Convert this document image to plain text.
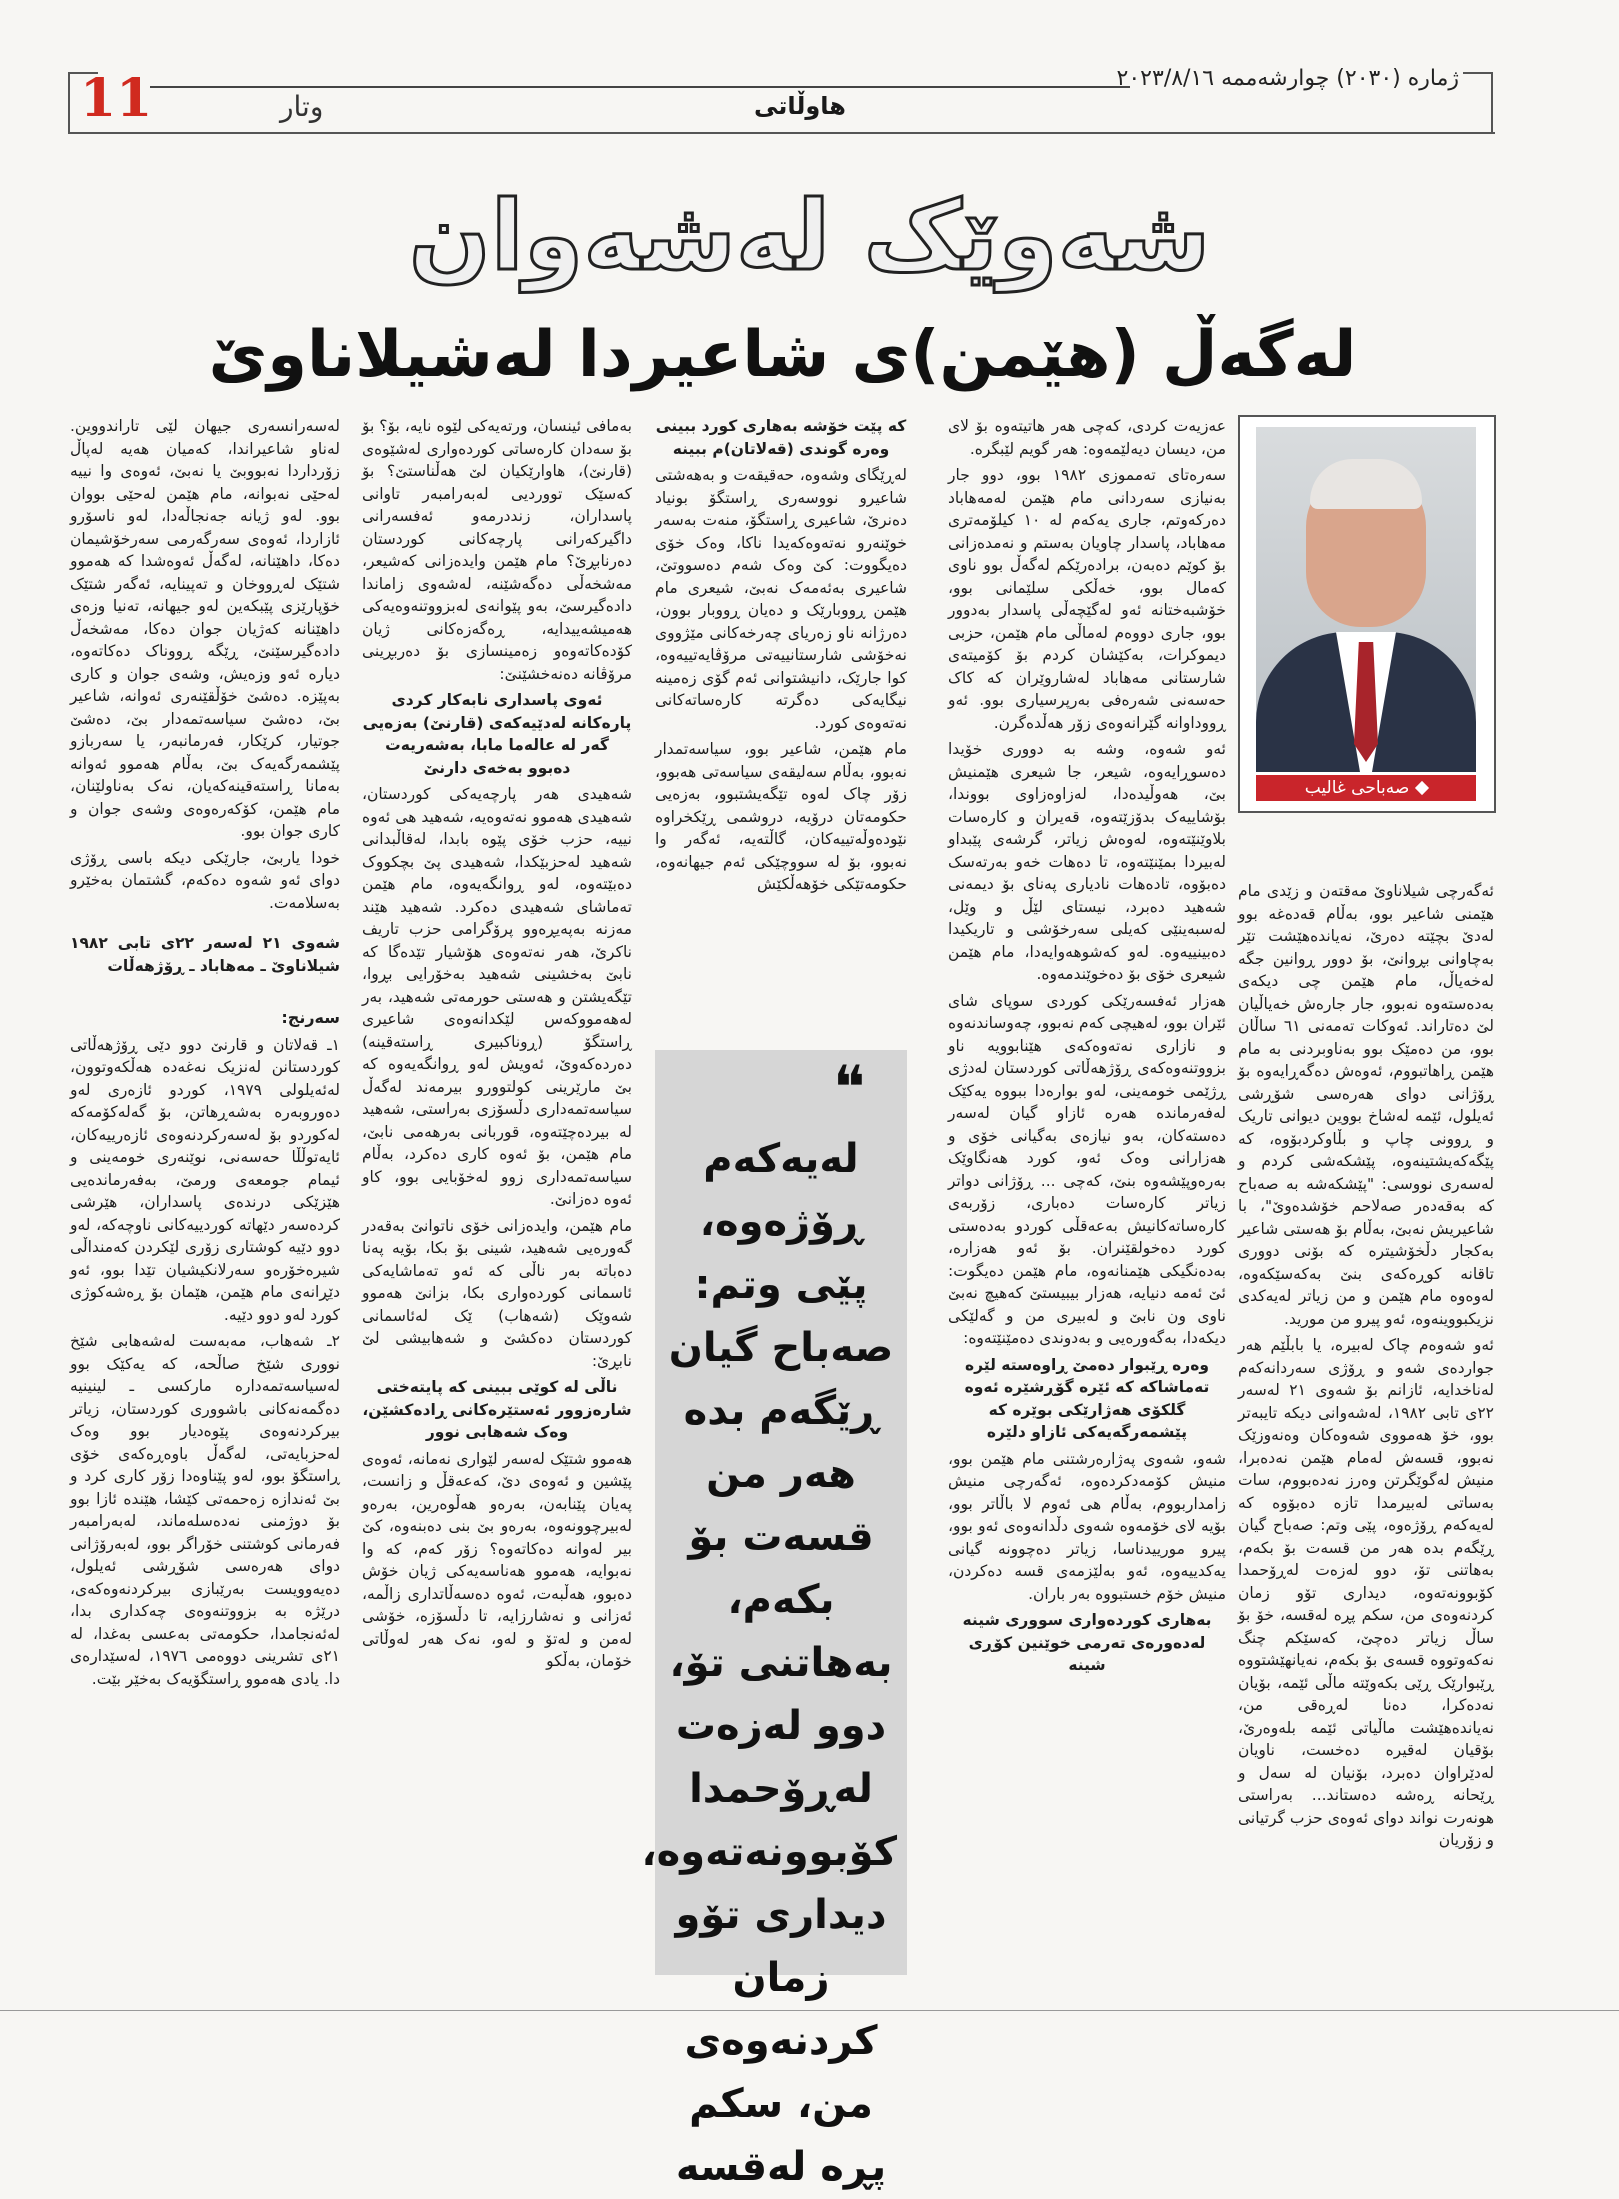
11	وتار	هاوڵاتی
ژمارە (٢٠٣٠) چوارشەممە ٢٠٢٣/٨/١٦
شەوێک لەشەوان
لەگەڵ (هێمن)ی شاعیردا لەشیلاناوێ
صەباحی غالیب

عەزیەت کردی، کەچی هەر هاتیتەوە بۆ لای من، دیسان دیەلێمەوە: هەر گویم لێبگرە.

سەرەتای تەمموزی ١٩٨٢ بوو، دوو جار بەنیازی سەردانی مام هێمن لەمەهاباد دەرکەوتم، جاری یەکەم لە ١٠ کیلۆمەتری مەهاباد، پاسدار چاویان بەستم و نەمدەزانی بۆ کوێم دەبەن، برادەرێکم لەگەڵ بوو ناوی کەمال بوو، خەڵکی سلێمانی بوو، خۆشبەختانە ئەو لەگێچەڵی پاسدار بەدوور بوو، جاری دووەم لەماڵی مام هێمن، حزبی دیموکرات، بەکێشان کردم بۆ کۆمیتەی شارستانی مەهاباد لەشاروێران کە کاک حەسەنی شەرەفی بەرپرسیاری بوو. ئەو ڕووداوانە گێرانەوەی زۆر هەڵدەگرن.

ئەو شەوە، وشە بە دووری خۆیدا دەسوڕایەوە، شیعر، جا شیعری هێمنیش بێ، هەوڵیدەدا، لەزاوەزاوی بووندا، بۆشاییەک بدۆزێتەوە، قەیران و کارەسات بلاوێنێتەوە، لەوەش زیاتر، گرشەی پێبداو لەبیردا بمێنێتەوە، تا دەهات خەو بەرتەسک دەبۆوە، تادەهات نادیاری پەنای بۆ دیمەنی شەهید دەبرد، نیستای لێڵ و وێل، لەسبەینێی کەیلی سەرخۆشی و تاریکیدا دەبینییەوە. لەو کەشوهەوایەدا، مام هێمن شیعری خۆی بۆ دەخوێندمەوە.

هەزار ئەفسەرێکی کوردی سوپای شای ئێران بوو، لەهیچی کەم نەبوو، چەوساندنەوە و نازاری نەتەوەکەی هێنابوویە ناو بزووتنەوەکەی ڕۆژهەڵاتی کوردستان لەدژی ڕژێمی خومەینی، لەو بوارەدا ببووە یەکێک لەفەرماندە هەرە ئازاو گیان لەسەر دەستەکان، بەو نیازەی بەگیانی خۆی و هەزارانی وەک ئەو، کورد هەنگاوێک بەرەوپێشەوە بنێ، کەچی ... ڕۆژانی دواتر زیاتر کارەسات دەباری، زۆربەی کارەساتەکانیش بەعەقڵی کوردو بەدەستی کورد دەخولقێنران. بۆ ئەو هەزارە، بەدەنگیکی هێمنانەوە، مام هێمن دەیگوت: ئێ ئەمە دنیایە، هەزار بیبیستێ کەهیچ نەبێ ناوی ون نابێ و لەبیری من و گەلێکی دیکەدا، بەگەورەیی و بەدوندی دەمێنێتەوە:

وەرە ڕێبوار دەمێ ڕاوەستە لێرە تەماشاکە کە ئێرە گۆڕشێرە ئەوە گلکۆی هەژارێکی بوێرە کە پێشمەرگەیەکی ئازاو دلێرە

شەو، شەوی پەژارەرشتنی مام هێمن بوو، منیش کۆمەدکردەوە، ئەگەرچی منیش زامداربووم، بەڵام هی ئەوم لا باڵاتر بوو، بۆیە لای خۆمەوە شەوی دڵدانەوەی ئەو بوو، پیرو مورییدناسا، زیاتر دەچوونە گیانی یەکدییەوە، ئەو بەلێزمەی قسە دەکردن، منیش خۆم خستبووە بەر باران.

بەهاری کوردەواری سووری شینە لەدەورەی تەرمی خوێنین کۆڕی شینە

ئەگەرچی شیلاناوێ مەقتەن و زێدی مام هێمنی شاعیر بوو، بەڵام قەدەغە بوو لەدێ بچێتە دەرێ، نەیاندەهێشت تێر بەچاوانی بڕوانێ، بۆ دوور ڕوانین جگە لەخەیاڵ، مام هێمن چی دیکەی بەدەستەوە نەبوو، جار جارەش خەیاڵیان لێ دەتاراند. ئەوکات تەمەنی ٦١ ساڵان بوو، من دەمێک بوو بەناوبردنی بە مام هێمن ڕاهاتبووم، ئەوەش دەگەڕایەوە بۆ ڕۆژانی دوای هەرەسی شۆڕشی ئەیلول، ئێمە لەشاخ بووین دیوانی تاریک و ڕوونی چاپ و بڵاوکردبۆوە، کە پێگەکەیشتینەوە، پێشکەشی کردم و لەسەری نووسی: "پێشکەشە بە صەباح کە بەقەدەر صەلاحم خۆشدەوێ"، با شاعیریش نەبێ، بەڵام بۆ هەستی شاعیر بەکجار دڵخۆشیترە کە بۆنی دووری تاقانە کوڕەکەی بنێ بەکەسێکەوە، لەوەوە مام هێمن و من زیاتر لەیەکدی نزیکبووینەوە، ئەو پیرو من مورید.

ئەو شەوەم چاک لەبیرە، یا بابڵێم هەر جوارده‌ی شەو و ڕۆژی سەردانەکەم لەناخدایە، ئازانم بۆ شەوی ٢١ لەسەر ٢٢ی تابی ١٩٨٢، لەشەوانی دیکە تایبەتر بوو، خۆ هەمووی شەوەکان وەنەوزێک نەبوو، قسەش لەمام هێمن نەدەبرا، منیش لەگوێگرتن وەرز نەدەبووم، سات بەساتی لەبیرمدا تازە دەبۆوە کە لەیەکەم ڕۆژەوە، پێی وتم: صەباح گیان ڕێگەم بدە هەر من قسەت بۆ بکەم، بەهاتنی تۆ، دوو لەزەت لەڕۆحمدا کۆبوونەتەوە، دیداری تۆو زمان کردنەوەی من، سکم پڕە لەقسە، خۆ بۆ ساڵ زیاتر دەچێ، کەسێکم چنگ نەکەوتووە قسەی بۆ بکەم، نەیانهێشتووە ڕێبوارێک ڕێی بکەوێتە ماڵی ئێمە، بۆیان نەدەکرا، دەنا لەڕەقی من، نەیاندەهێشت ماڵیاتی ئێمە بلەوەرێ، بۆقیان لەقیرە دەخست، ناویان لەدێراوان دەبرد، بۆنیان لە سەل و ڕێحانە ڕەشە دەستاند... بەراستی هونەرت نواند دوای ئەوەی حزب گرتیانی و زۆریان

کە پێت خۆشە بەهاری کورد ببینی وەرە گوندی (قەلاتان)م ببینە

لەڕێگای وشەوە، حەقیقەت و بەهەشتی شاعیرو نووسەری ڕاستگۆ بونیاد دەنرێ، شاعیری ڕاستگۆ، منەت بەسەر خوێنەرو نەتەوەکەیدا ناکا، وەک خۆی دەیگووت: کێ وەک شەم دەسووتێ، شاعیری بەئەمەک نەبێ، شیعری مام هێمن ڕووبارێک و دەیان ڕووبار بوون، دەرژانە ناو زەریای چەرخەکانی مێژووی نەخۆشی شارستانییەتی مرۆڤایەتییەوە، کوا جارێک، دانیشتوانی ئەم گۆی زەمینە نیگایەکی دەگرتە کارەساتەکانی نەتەوەی کورد.

مام هێمن، شاعیر بوو، سیاسەتمدار نەبوو، بەڵام سەلیقەی سیاسەتی هەبوو، زۆر چاک لەوە تێگەیشتبوو، بەزەیی حکومەتان درۆیە، دروشمی ڕێکخراوە نێودەوڵەتییەکان، گاڵتەیە، ئەگەر وا نەبوو، بۆ لە سووچێکی ئەم جیهانەوە، حکومەتێکی خۆهەڵکێش

❝
لەیەکەم ڕۆژەوە، پێی وتم: صەباح گیان ڕێگەم بدە هەر من قسەت بۆ بکەم، بەهاتنی تۆ، دوو لەزەت لەڕۆحمدا کۆبوونەتەوە، دیداری تۆو زمان کردنەوەی من، سکم پڕە لەقسە

بەمافی ئینسان، ورتەیەکی لێوە نایە، بۆ؟ بۆ بۆ سەدان کارەساتی کوردەواری لەشێوەی (قارنێ)، هاوارێکیان لێ هەڵناستێ؟ بۆ کەسێک تووردیی لەبەرامبەر تاوانی پاسداران، زنددرمەو ئەفسەرانی داگیرکەرانی پارچەکانی کوردستان دەرنابڕێ؟ مام هێمن وایدەزانی کەشیعر، مەشخەڵی دەگەشێنە، لەشەوی زاماندا دادەگیرسێ، بەو پێوانەی لەبزووتنەوەیەکی هەمیشەییدایە، ڕەگەزەکانی ژیان کۆدەکاتەوەو زەمینسازی بۆ دەربڕینی مرۆڤانە دەنەخشێنێ:

ئەوی پاسداری نابەکار کردی پارەکانە لەدێیەکەی (قارنێ) بەزەیی گەر لە عالەما مابا، بەشەریەت دەبوو بەخەی دارنێ

شەهیدی هەر پارچەیەکی کوردستان، شەهیدی هەموو نەتەوەیە، شەهید هی ئەوە نییە، حزب خۆی پێوە بابدا، لەقاڵبدانی شەهید لەحزبێکدا، شەهیدی پێ بچکووک دەبێتەوە، لەو ڕوانگەیەوە، مام هێمن تەماشای شەهیدی دەکرد. شەهید هێند مەزنە بەپەیڕەوو پرۆگرامی حزب تاریف ناکرێ، هەر نەتەوەی هۆشیار تێدەگا کە نابێ بەخشینی شەهید بەخۆرایی بڕوا، تێگەیشتن و هەستی حورمەتی شەهید، بەر لەهەمووکەس لێکدانەوەی شاعیری ڕاستگۆ (ڕوناکبیری ڕاستەقینە) دەردەکەوێ، ئەویش لەو ڕوانگەیەوە کە بێ مارێرینی کولتوورو بیرمەند لەگەڵ سیاسەتمەداری دڵسۆزی بەراستی، شەهید لە بیردەچێتەوە، قوربانی بەرهەمی نابێ، مام هێمن، بۆ ئەوە کاری دەکرد، بەڵام سیاسەتمەداری زوو لەخۆبایی بوو، کاو ئەوە دەزانێ.

مام هێمن، وایدەزانی خۆی ناتوانێ بەقەدر گەورەیی شەهید، شینی بۆ بکا، بۆیە پەنا دەباتە بەر ناڵی کە ئەو تەماشایەکی ئاسمانی کوردەواری بکا، بزانێ هەموو شەوێک (شەهاب) ێک لەئاسمانی کوردستان دەکشێ و شەهابیشی لێ نابڕێ:

ناڵی لە کوێی ببینی کە پایتەختی شارەزوور ئەستێرەکانی ڕادەکشێن، وەک شەهابی نوور

هەموو شتێک لەسەر لێواری نەمانە، ئەوەی پێشین و ئەوەی دێ، کەعەقڵ و زانست، پەیان پێنابەن، بەرەو هەڵوەرین، بەرەو لەبیرچوونەوە، بەرەو بێ بنی دەبنەوە، کێ بیر لەوانە دەکاتەوە؟ زۆر کەم، کە وا نەبوایە، هەموو هەناسەیەکی ژیان خۆش دەبوو، هەڵبەت، ئەوە دەسەڵاتداری زاڵمە، ئەزانی و نەشارزایە، تا دڵسۆزە، خۆشی لەمن و لەتۆ و لەو، نەک هەر لەوڵاتی خۆمان، بەڵکو

لەسەرانسەری جیهان لێی تاراندووین. لەناو شاعیراندا، کەمیان هەیە لەپاڵ زۆرداردا نەبووبێ یا نەبێ، ئەوەی وا نییە لەحێی نەبوانە، مام هێمن لەحێی بووان بوو. لەو ژیانە جەنجاڵەدا، لەو ناسۆرو ئازاردا، ئەوەی سەرگەرمی سەرخۆشیمان دەکا، داهێنانە، لەگەڵ ئەوەشدا کە هەموو شتێک لەڕووخان و تەپینایە، ئەگەر شتێک خۆپارێزی پێبکەین لەو جیهانە، تەنیا وزەی داهێنانە کەژیان جوان دەکا، مەشخەڵ دادەگیرسێنێ، ڕێگە ڕووناک دەکاتەوە، دیارە ئەو وزەیش، وشەی جوان و کاری بەپێزە. دەشێ خۆڵقێنەری ئەوانە، شاعیر بێ، دەشێ سیاسەتمەدار بێ، دەشێ جوتیار، کرێکار، فەرمانبەر، یا سەربازو پێشمەرگەیەک بێ، بەڵام هەموو ئەوانە بەمانا ڕاستەقینەکەیان، نەک بەناولێنان، مام هێمن، کۆکەرەوەی وشەی جوان و کاری جوان بوو.

خودا یاربێ، جارێکی دیکە باسی ڕۆژی دوای ئەو شەوە دەکەم، گشتمان بەخێرو بەسلامەت.

شەوی ٢١ لەسەر ٢٢ی تابی ١٩٨٢ شیلاناوێ ـ مەهاباد ـ ڕۆژهەڵات

سەرنج:

١ـ قەلاتان و قارنێ دوو دێی ڕۆژهەڵاتی کوردستانن لەنزیک نەغەدە هەڵکەوتوون، لەئەیلولی ١٩٧٩، کوردو ئازەری لەو دەوروبەرە بەشەڕهاتن، بۆ گەلەکۆمەکە لەکوردو بۆ لەسەرکردنەوەی ئازەرییەکان، ئایەتوڵڵا حەسەنی، نوێنەری خومەینی و ئیمام جومعەی ورمێ، بەفەرماندەیی هێزێکی درندەی پاسداران، هێرشی کردەسەر دێهاتە کوردییەکانی ناوچەکە، لەو دوو دێیە کوشتاری زۆری لێکردن کەمنداڵی شیرەخۆرەو سەرلانکیشیان تێدا بوو، ئەو دێڕانەی مام هێمن، هێمان بۆ ڕەشەکوژی کورد لەو دوو دێیە.

٢ـ شەهاب، مەبەست لەشەهابی شێخ نووری شێخ صاڵحە، کە یەکێک بوو لەسیاسەتمەدارە مارکسی ـ لینینیە دەگمەنەکانی باشووری کوردستان، زیاتر بیرکردنەوەی پێوەدیار بوو وەک لەحزبایەتی، لەگەڵ باوەڕەکەی خۆی ڕاستگۆ بوو، لەو پێناوەدا زۆر کاری کرد و بێ ئەندازە زەحمەتی کێشا، هێندە ئازا بوو بۆ دوژمنی نەدەسلەماند، لەبەرامبەر فەرمانی کوشتنی خۆراگر بوو، لەبەرۆژانی دوای هەرەسی شۆڕشی ئەیلول، دەیەوویست بەرێبازی بیرکردنەوەکەی، درێژە بە بزووتنەوەی چەکداری بدا، لەئەنجامدا، حکومەتی بەعسی بەغدا، لە ٢١ی تشرینی دووەمی ١٩٧٦، لەسێدارەی دا. یادی هەموو ڕاستگۆیەک بەخێر بێت.
